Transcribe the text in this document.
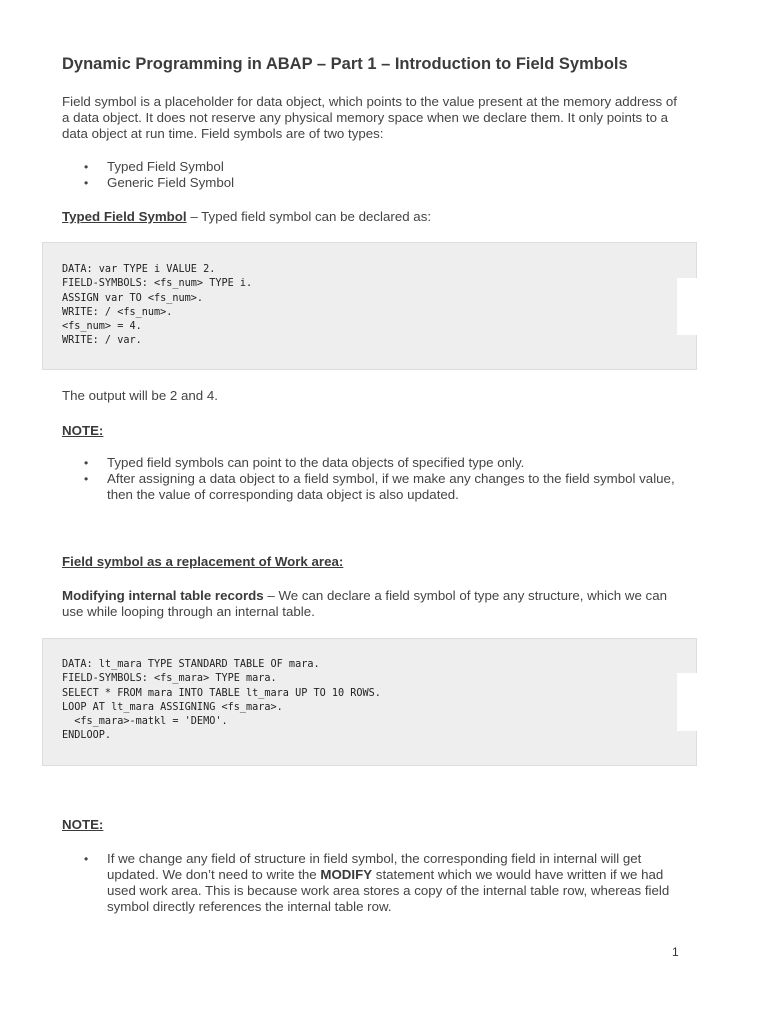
Dynamic Programming in ABAP – Part 1 – Introduction to Field Symbols

Field symbol is a placeholder for data object, which points to the value present at the memory address of a data object. It does not reserve any physical memory space when we declare them. It only points to a data object at run time. Field symbols are of two types:

• Typed Field Symbol
• Generic Field Symbol

Typed Field Symbol – Typed field symbol can be declared as:

DATA: var TYPE i VALUE 2.
FIELD-SYMBOLS: <fs_num> TYPE i.
ASSIGN var TO <fs_num>.
WRITE: / <fs_num>.
<fs_num> = 4.
WRITE: / var.

The output will be 2 and 4.

NOTE:

• Typed field symbols can point to the data objects of specified type only.
• After assigning a data object to a field symbol, if we make any changes to the field symbol value, then the value of corresponding data object is also updated.

Field symbol as a replacement of Work area:

Modifying internal table records – We can declare a field symbol of type any structure, which we can use while looping through an internal table.

DATA: lt_mara TYPE STANDARD TABLE OF mara.
FIELD-SYMBOLS: <fs_mara> TYPE mara.
SELECT * FROM mara INTO TABLE lt_mara UP TO 10 ROWS.
LOOP AT lt_mara ASSIGNING <fs_mara>.
<fs_mara>-matkl = 'DEMO'.
ENDLOOP.

NOTE:

• If we change any field of structure in field symbol, the corresponding field in internal will get updated. We don’t need to write the MODIFY statement which we would have written if we had used work area. This is because work area stores a copy of the internal table row, whereas field symbol directly references the internal table row.
1
